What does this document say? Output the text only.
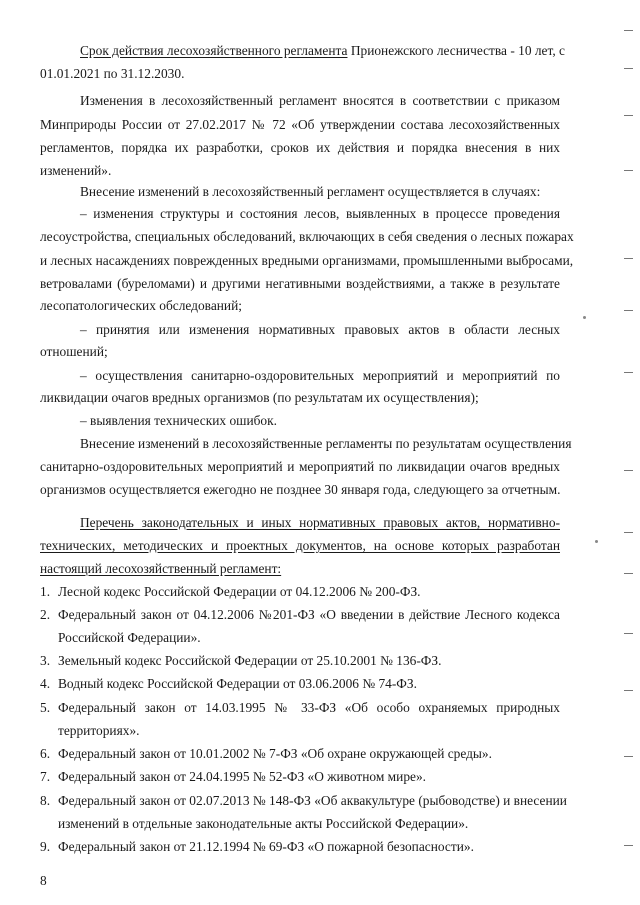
Срок действия лесохозяйственного регламента Прионежского лесничества - 10 лет, с
01.01.2021 по 31.12.2030.
Изменения в лесохозяйственный регламент вносятся в соответствии с приказом
Минприроды России от 27.02.2017 № 72 «Об утверждении состава лесохозяйственных
регламентов, порядка их разработки, сроков их действия и порядка внесения в них
изменений».
Внесение изменений в лесохозяйственный регламент осуществляется в случаях:
– изменения структуры и состояния лесов, выявленных в процессе проведения
лесоустройства, специальных обследований, включающих в себя сведения о лесных пожарах
и лесных насаждениях поврежденных вредными организмами, промышленными выбросами,
ветровалами (буреломами) и другими негативными воздействиями, а также в результате
лесопатологических обследований;
– принятия или изменения нормативных правовых актов в области лесных
отношений;
– осуществления санитарно-оздоровительных мероприятий и мероприятий по
ликвидации очагов вредных организмов (по результатам их осуществления);
– выявления технических ошибок.
Внесение изменений в лесохозяйственные регламенты по результатам осуществления
санитарно-оздоровительных мероприятий и мероприятий по ликвидации очагов вредных
организмов осуществляется ежегодно не позднее 30 января года, следующего за отчетным.
Перечень законодательных и иных нормативных правовых актов, нормативно-
технических, методических и проектных документов, на основе которых разработан
настоящий лесохозяйственный регламент:
1. Лесной кодекс Российской Федерации от 04.12.2006 № 200-ФЗ.
2. Федеральный закон от 04.12.2006 №201-ФЗ «О введении в действие Лесного кодекса
Российской Федерации».
3. Земельный кодекс Российской Федерации от 25.10.2001 № 136-ФЗ.
4. Водный кодекс Российской Федерации от 03.06.2006 № 74-ФЗ.
5. Федеральный закон от 14.03.1995 № 33-ФЗ «Об особо охраняемых природных
территориях».
6. Федеральный закон от 10.01.2002 № 7-ФЗ «Об охране окружающей среды».
7. Федеральный закон от 24.04.1995 № 52-ФЗ «О животном мире».
8. Федеральный закон от 02.07.2013 № 148-ФЗ «Об аквакультуре (рыбоводстве) и внесении
изменений в отдельные законодательные акты Российской Федерации».
9. Федеральный закон от 21.12.1994 № 69-ФЗ «О пожарной безопасности».
8
